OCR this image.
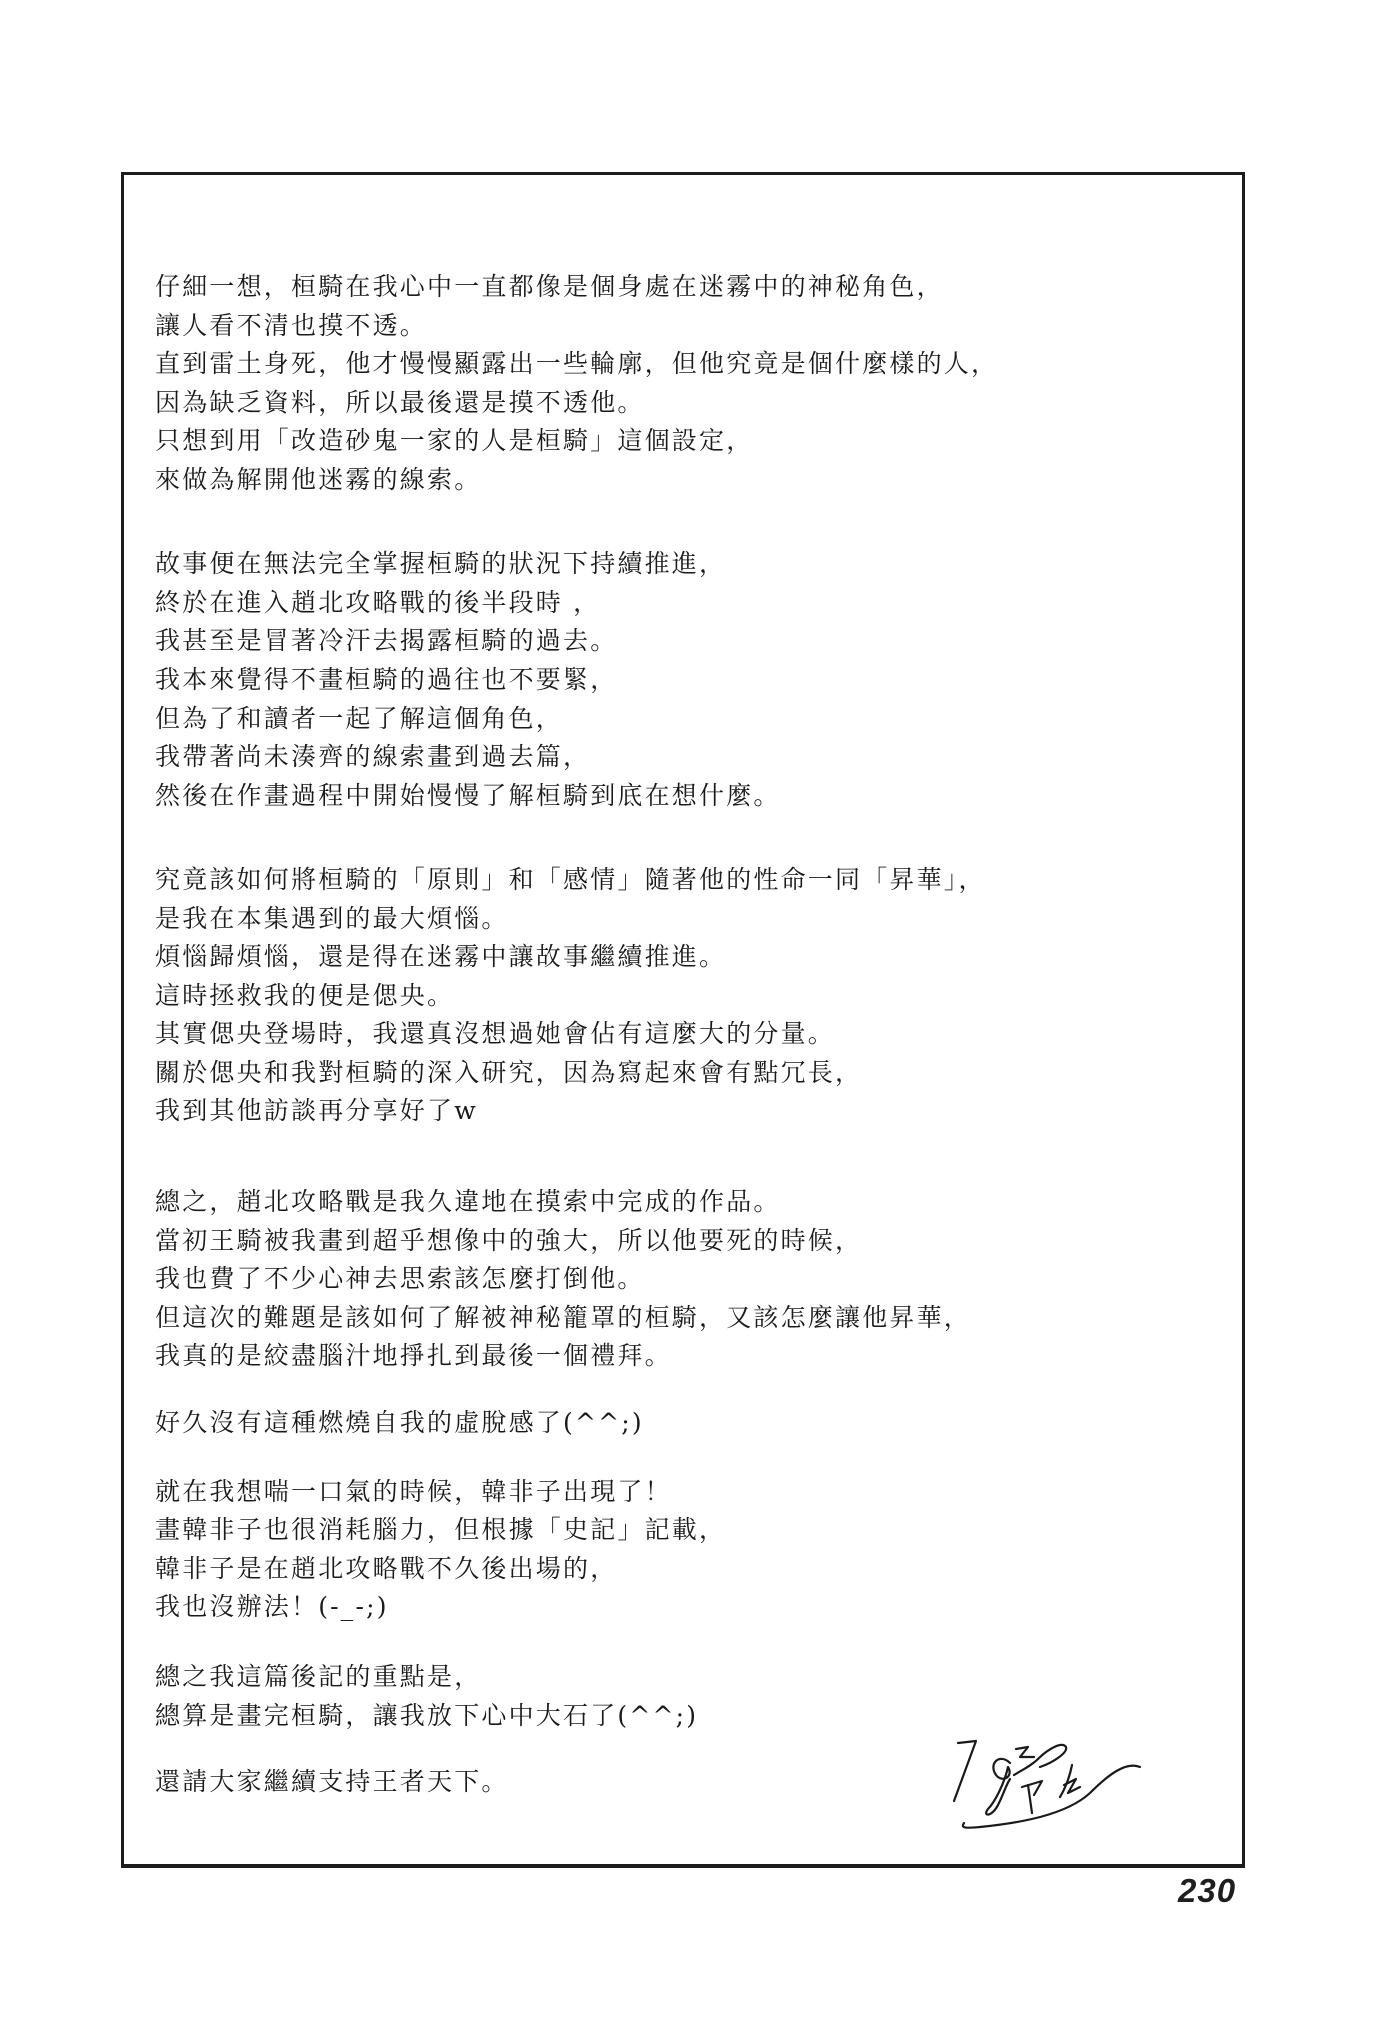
仔細一想，桓騎在我心中一直都像是個身處在迷霧中的神秘角色，
讓人看不清也摸不透。
直到雷土身死，他才慢慢顯露出一些輪廓，但他究竟是個什麼樣的人，
因為缺乏資料，所以最後還是摸不透他。
只想到用「改造砂鬼一家的人是桓騎」這個設定，
來做為解開他迷霧的線索。

故事便在無法完全掌握桓騎的狀況下持續推進，
終於在進入趙北攻略戰的後半段時 ，
我甚至是冒著冷汗去揭露桓騎的過去。
我本來覺得不畫桓騎的過往也不要緊，
但為了和讀者一起了解這個角色，
我帶著尚未湊齊的線索畫到過去篇，
然後在作畫過程中開始慢慢了解桓騎到底在想什麼。

究竟該如何將桓騎的「原則」和「感情」隨著他的性命一同「昇華」，
是我在本集遇到的最大煩惱。
煩惱歸煩惱，還是得在迷霧中讓故事繼續推進。
這時拯救我的便是偲央。
其實偲央登場時，我還真沒想過她會佔有這麼大的分量。
關於偲央和我對桓騎的深入研究，因為寫起來會有點冗長，
我到其他訪談再分享好了w

總之，趙北攻略戰是我久違地在摸索中完成的作品。
當初王騎被我畫到超乎想像中的強大，所以他要死的時候，
我也費了不少心神去思索該怎麼打倒他。
但這次的難題是該如何了解被神秘籠罩的桓騎，又該怎麼讓他昇華，
我真的是絞盡腦汁地掙扎到最後一個禮拜。

好久沒有這種燃燒自我的虛脫感了(^^;)

就在我想喘一口氣的時候，韓非子出現了！
畫韓非子也很消耗腦力，但根據「史記」記載，
韓非子是在趙北攻略戰不久後出場的，
我也沒辦法！(-_-;)

總之我這篇後記的重點是，
總算是畫完桓騎，讓我放下心中大石了(^^;)

還請大家繼續支持王者天下。

230
